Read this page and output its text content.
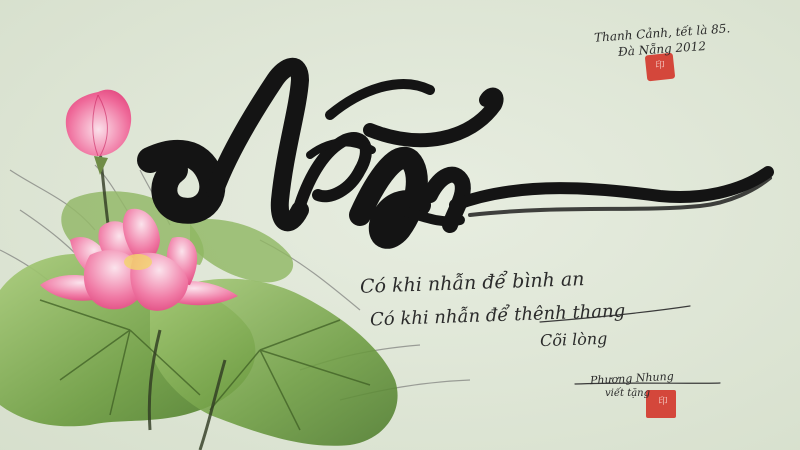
Thanh Cảnh, tết là 85.

Đà Nẵng 2012

Có khi nhẫn để bình an

Có khi nhẫn để thênh thang

Cõi lòng

Phương Nhung

viết tặng

印
印
